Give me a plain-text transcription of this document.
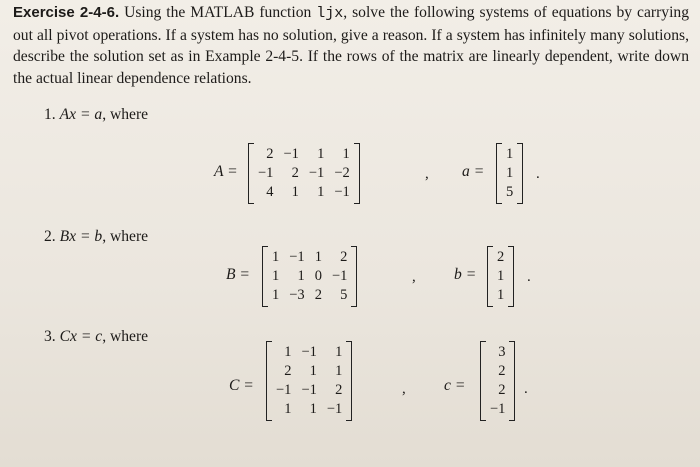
Exercise 2-4-6. Using the MATLAB function ljx, solve the following systems of equations by carrying out all pivot operations. If a system has no solution, give a reason. If a system has infinitely many solutions, describe the solution set as in Example 2-4-5. If the rows of the matrix are linearly dependent, write down the actual linear dependence relations.
1. Ax = a, where
A =
2 −1	1	1
−1	2 −1 −2
4	1	1 −1
, a =
1
1
5
.
2. Bx = b, where
B =
1 −1 1	2
1	1 0 −1
1 −3 2	5
, b =
2
1
1
.
3. Cx = c, where
C =
1 −1	1
2	1	1
−1 −1	2
1	1 −1
, c =
3
2
2
−1
.
